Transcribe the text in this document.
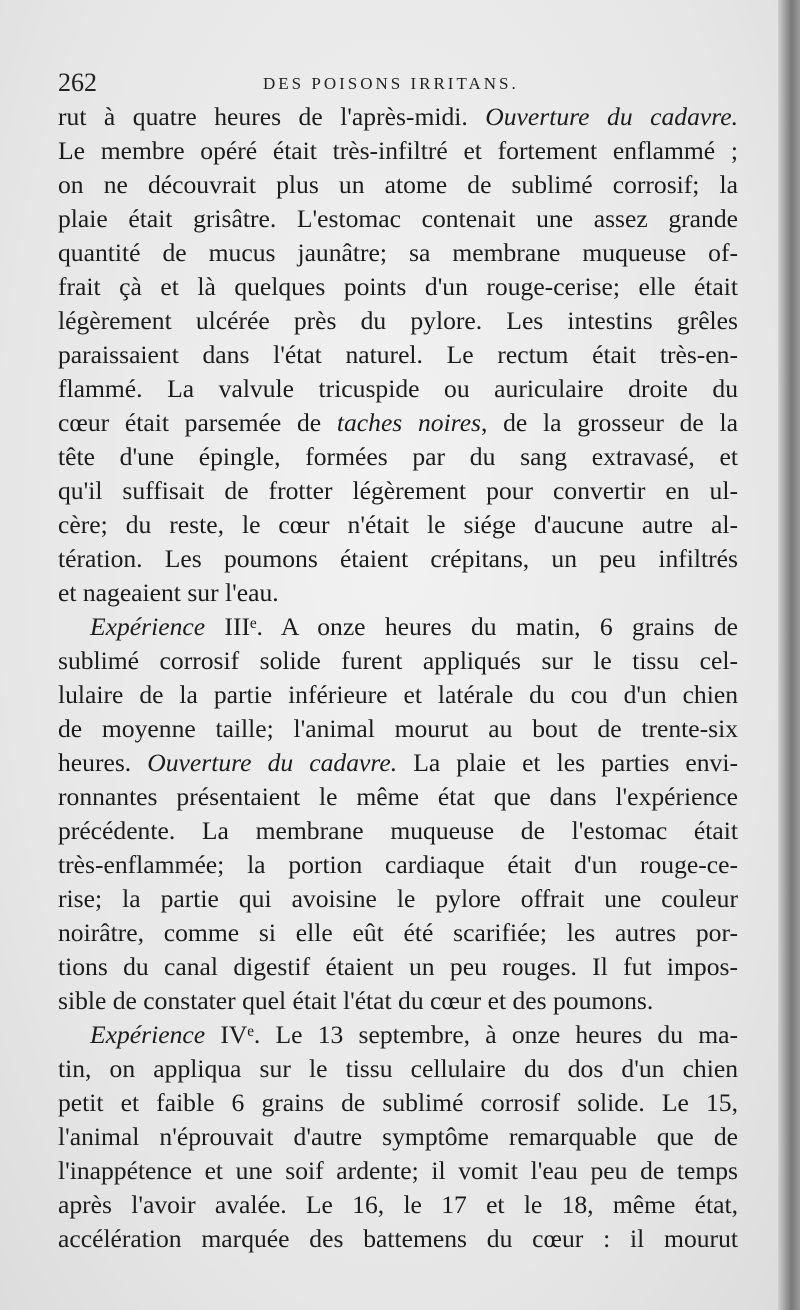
262	DES POISONS IRRITANS.
rut à quatre heures de l'après-midi. Ouverture du cadavre.
Le membre opéré était très-infiltré et fortement enflammé ;
on ne découvrait plus un atome de sublimé corrosif; la
plaie était grisâtre. L'estomac contenait une assez grande
quantité de mucus jaunâtre; sa membrane muqueuse of-
frait çà et là quelques points d'un rouge-cerise; elle était
légèrement ulcérée près du pylore. Les intestins grêles
paraissaient dans l'état naturel. Le rectum était très-en-
flammé. La valvule tricuspide ou auriculaire droite du
cœur était parsemée de taches noires, de la grosseur de la
tête d'une épingle, formées par du sang extravasé, et
qu'il suffisait de frotter légèrement pour convertir en ul-
cère; du reste, le cœur n'était le siége d'aucune autre al-
tération. Les poumons étaient crépitans, un peu infiltrés
et nageaient sur l'eau.
Expérience IIIᵉ. A onze heures du matin, 6 grains de
sublimé corrosif solide furent appliqués sur le tissu cel-
lulaire de la partie inférieure et latérale du cou d'un chien
de moyenne taille; l'animal mourut au bout de trente-six
heures. Ouverture du cadavre. La plaie et les parties envi-
ronnantes présentaient le même état que dans l'expérience
précédente. La membrane muqueuse de l'estomac était
très-enflammée; la portion cardiaque était d'un rouge-ce-
rise; la partie qui avoisine le pylore offrait une couleur
noirâtre, comme si elle eût été scarifiée; les autres por-
tions du canal digestif étaient un peu rouges. Il fut impos-
sible de constater quel était l'état du cœur et des poumons.
Expérience IVᵉ. Le 13 septembre, à onze heures du ma-
tin, on appliqua sur le tissu cellulaire du dos d'un chien
petit et faible 6 grains de sublimé corrosif solide. Le 15,
l'animal n'éprouvait d'autre symptôme remarquable que de
l'inappétence et une soif ardente; il vomit l'eau peu de temps
après l'avoir avalée. Le 16, le 17 et le 18, même état,
accélération marquée des battemens du cœur : il mourut
